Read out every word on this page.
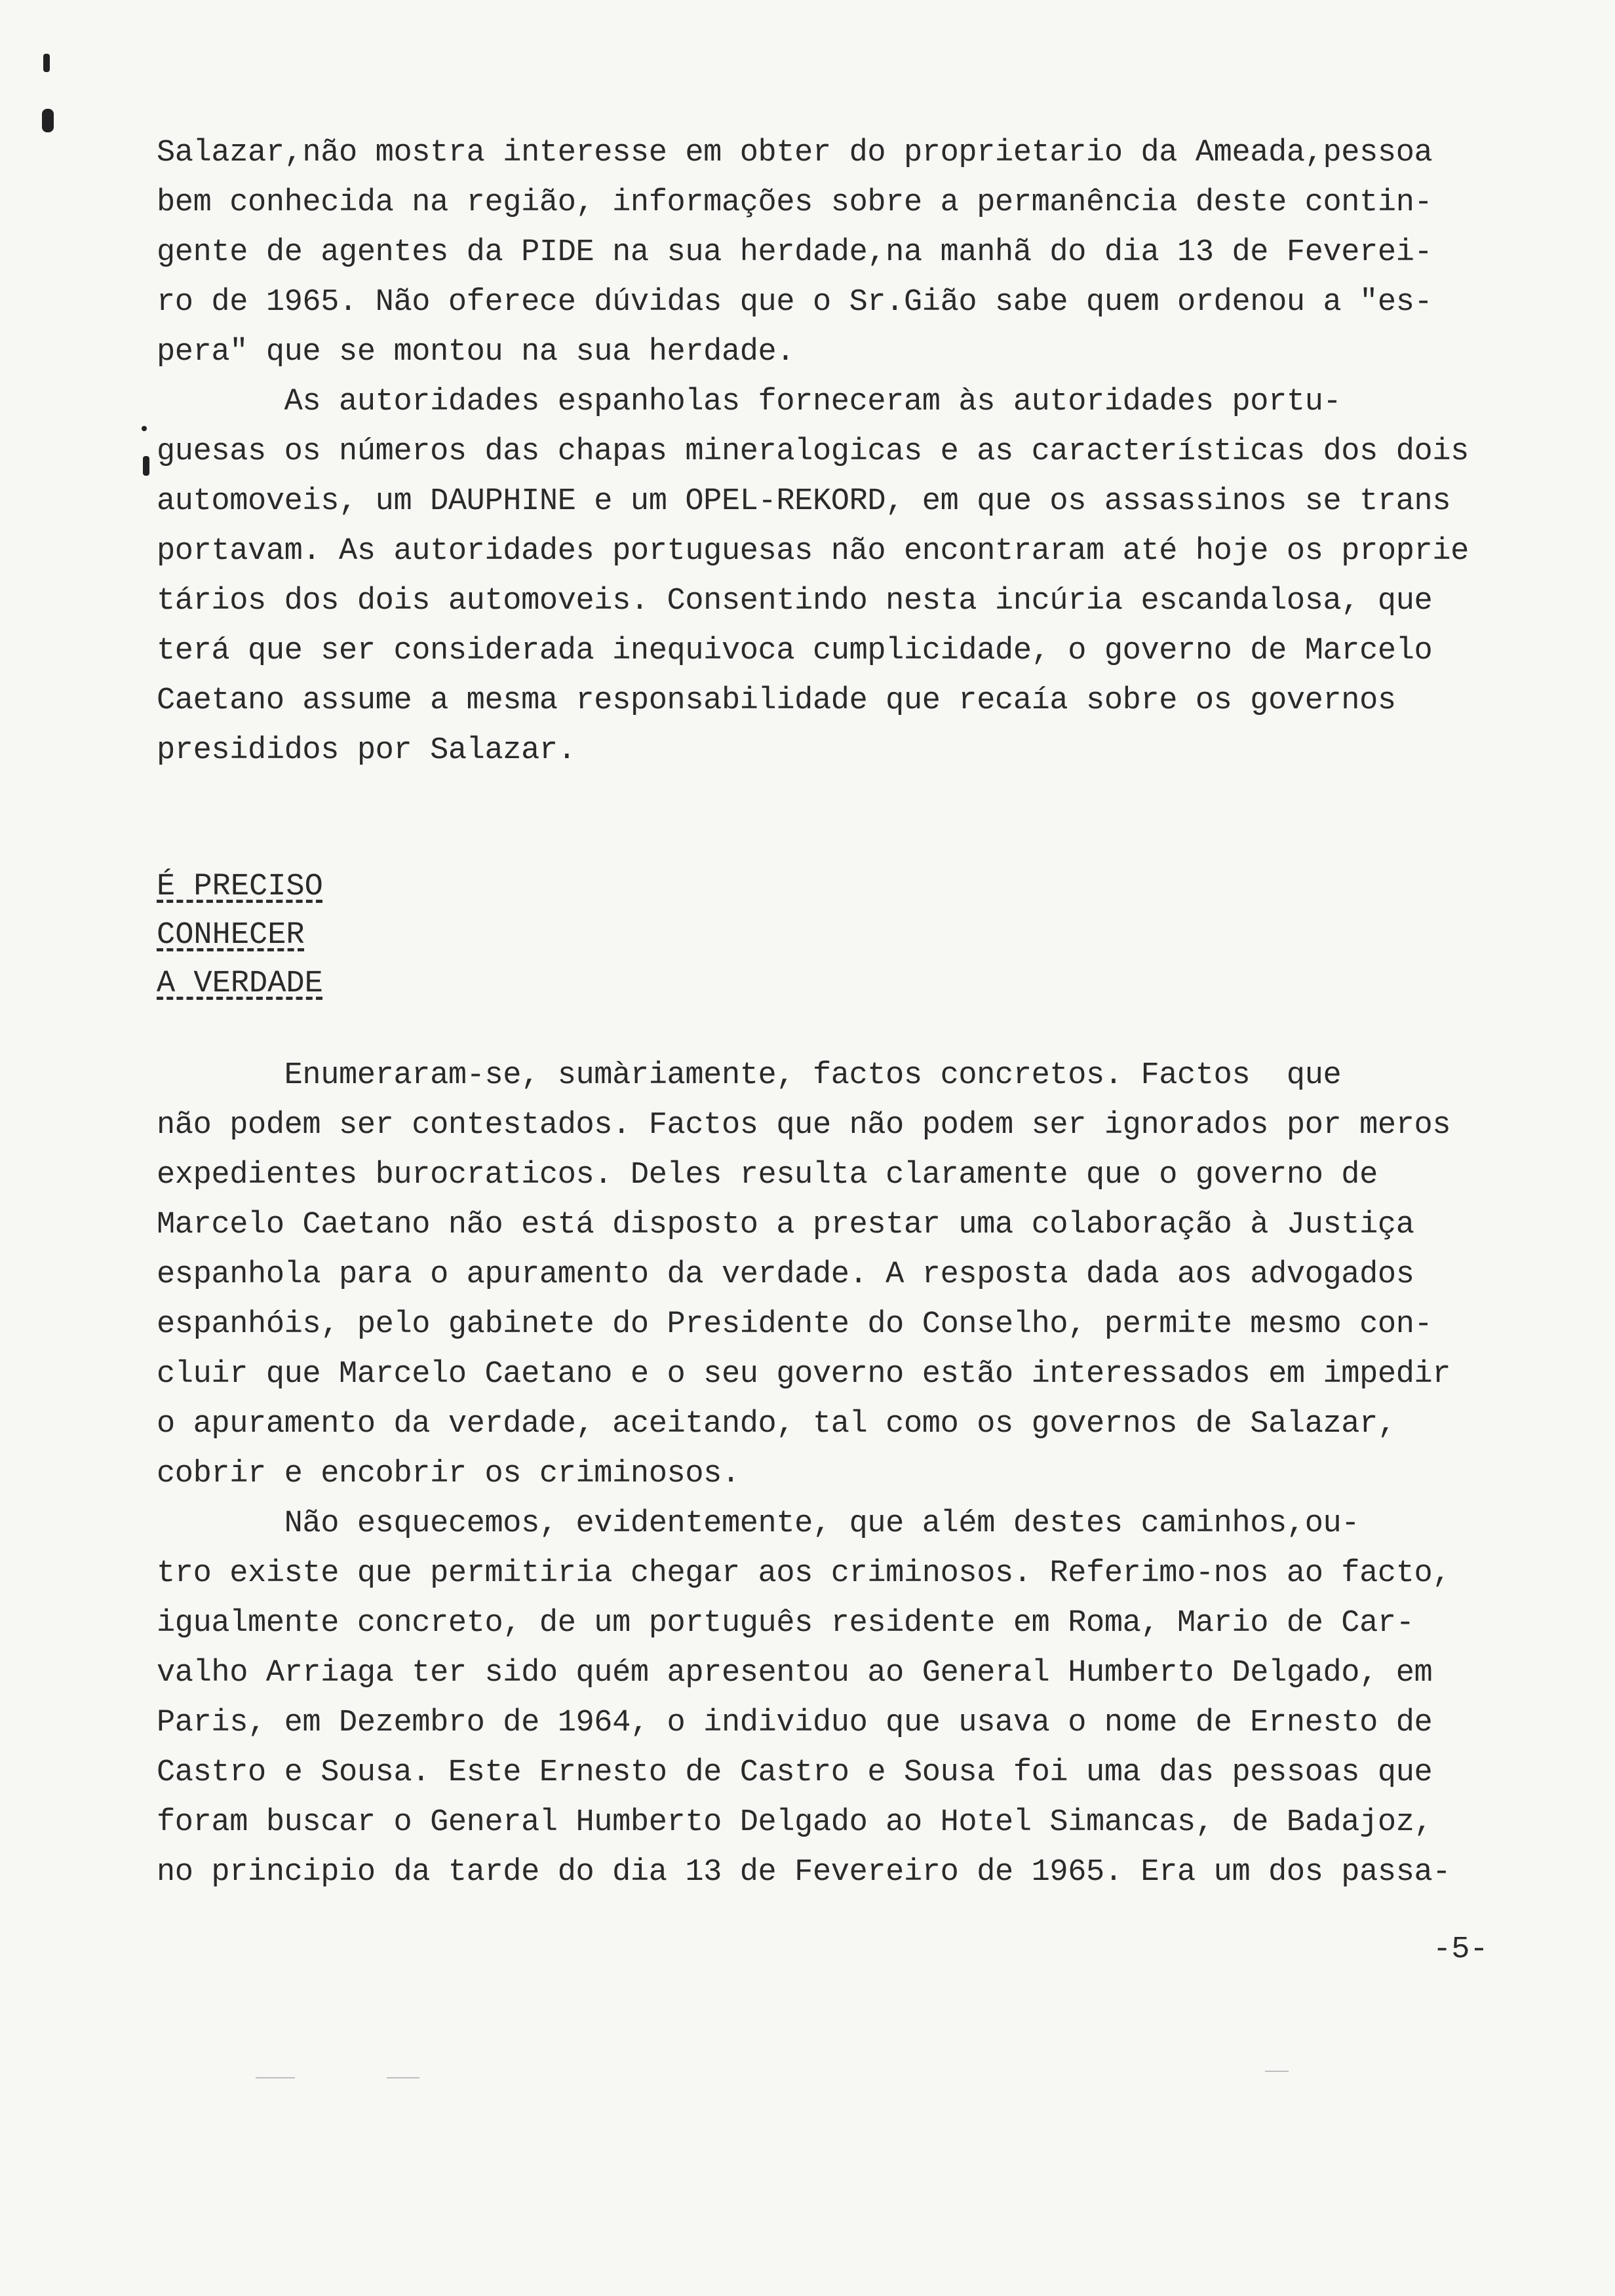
Salazar,não mostra interesse em obter do proprietario da Ameada,pessoa
bem conhecida na região, informações sobre a permanência deste contin-
gente de agentes da PIDE na sua herdade,na manhã do dia 13 de Feverei-
ro de 1965. Não oferece dúvidas que o Sr.Gião sabe quem ordenou a "es-
pera" que se montou na sua herdade.
As autoridades espanholas forneceram às autoridades portu-
guesas os números das chapas mineralogicas e as características dos dois
automoveis, um DAUPHINE e um OPEL-REKORD, em que os assassinos se trans
portavam. As autoridades portuguesas não encontraram até hoje os proprie
tários dos dois automoveis. Consentindo nesta incúria escandalosa, que
terá que ser considerada inequivoca cumplicidade, o governo de Marcelo
Caetano assume a mesma responsabilidade que recaía sobre os governos
presididos por Salazar.
É PRECISO
CONHECER
A VERDADE
Enumeraram-se, sumàriamente, factos concretos. Factos  que
não podem ser contestados. Factos que não podem ser ignorados por meros
expedientes burocraticos. Deles resulta claramente que o governo de
Marcelo Caetano não está disposto a prestar uma colaboração à Justiça
espanhola para o apuramento da verdade. A resposta dada aos advogados
espanhóis, pelo gabinete do Presidente do Conselho, permite mesmo con-
cluir que Marcelo Caetano e o seu governo estão interessados em impedir
o apuramento da verdade, aceitando, tal como os governos de Salazar,
cobrir e encobrir os criminosos.
Não esquecemos, evidentemente, que além destes caminhos,ou-
tro existe que permitiria chegar aos criminosos. Referimo-nos ao facto,
igualmente concreto, de um português residente em Roma, Mario de Car-
valho Arriaga ter sido quém apresentou ao General Humberto Delgado, em
Paris, em Dezembro de 1964, o individuo que usava o nome de Ernesto de
Castro e Sousa. Este Ernesto de Castro e Sousa foi uma das pessoas que
foram buscar o General Humberto Delgado ao Hotel Simancas, de Badajoz,
no principio da tarde do dia 13 de Fevereiro de 1965. Era um dos passa-
-5-
